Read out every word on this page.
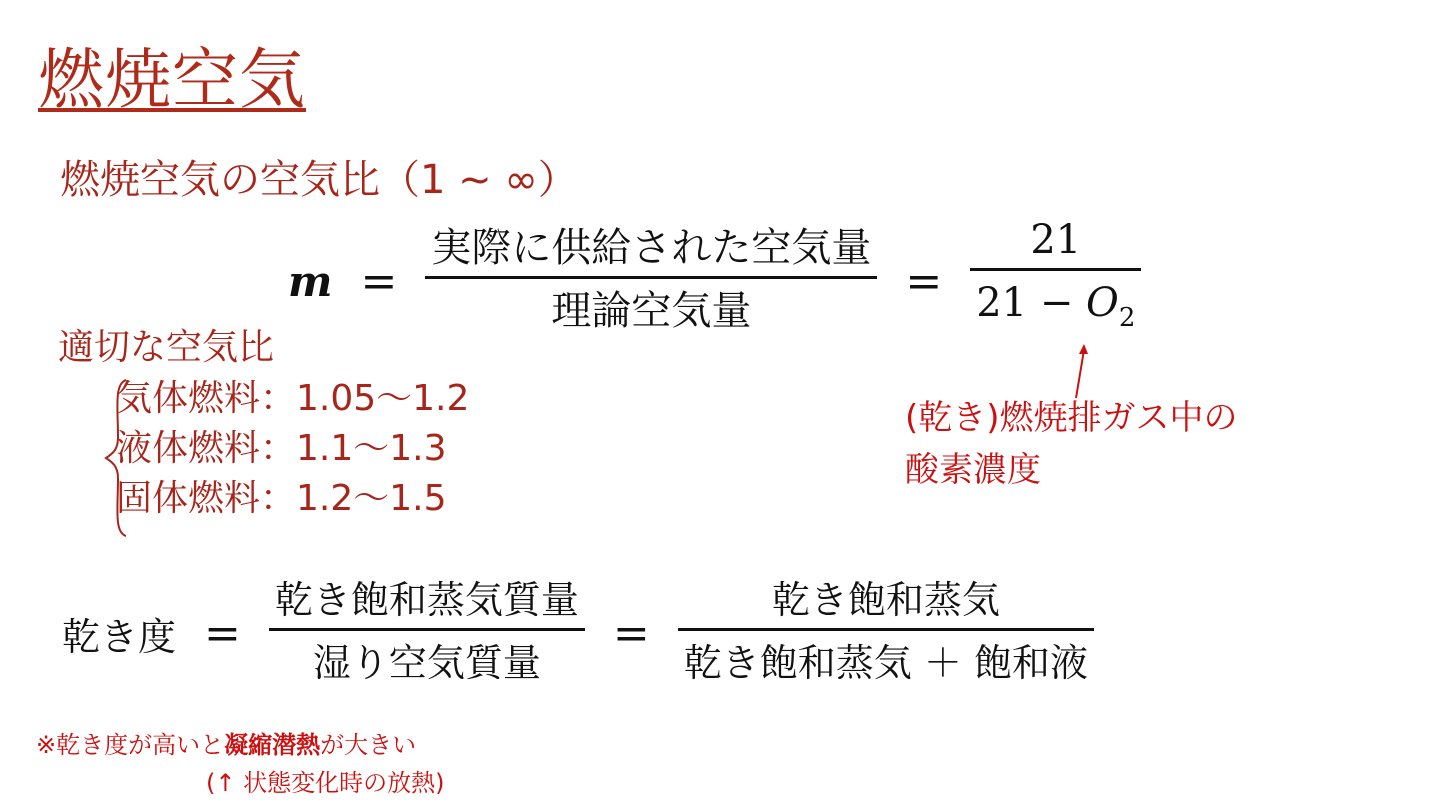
燃焼空気
燃焼空気の空気比（1 ~ ∞）
$m = \frac{\text{実際に供給された空気量}}{\text{理論空気量}} = \frac{21}{21 - O_2}$
適切な空気比
気体燃料：1.05～1.2
液体燃料：1.1～1.3
固体燃料：1.2～1.5
(乾き)燃焼排ガス中の
酸素濃度
乾き度 = $\frac{\text{乾き飽和蒸気質量}}{\text{湿り空気質量}} = \frac{\text{乾き飽和蒸気}}{\text{乾き飽和蒸気 ＋ 飽和液}}$
※乾き度が高いと凝縮潜熱が大きい
(↑ 状態変化時の放熱)
